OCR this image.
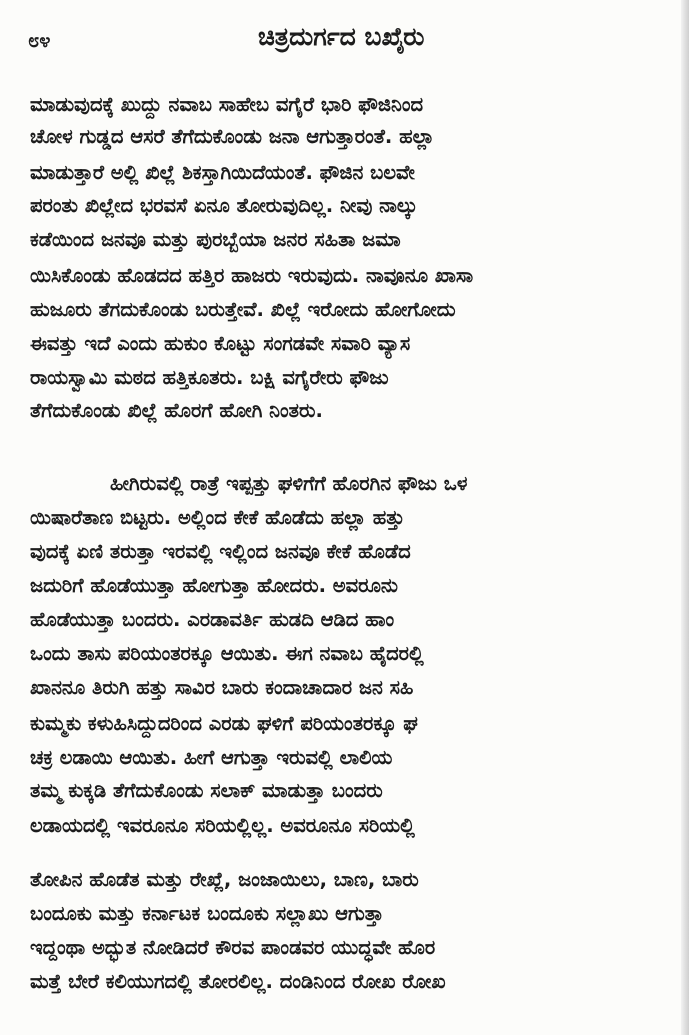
೮೪	ಚಿತ್ರದುರ್ಗದ ಬಖೈರು
ಮಾಡುವುದಕ್ಕೆ ಖುದ್ದು ನವಾಬ ಸಾಹೇಬ ವಗೈರೆ ಭಾರಿ ಫೌಜಿನಿಂದ
ಚೋಳ ಗುಡ್ಡದ ಆಸರೆ ತೆಗೆದುಕೊಂಡು ಜನಾ ಆಗುತ್ತಾರಂತೆ. ಹಲ್ಲಾ
ಮಾಡುತ್ತಾರೆ ಅಲ್ಲಿ ಖಿಲ್ಲೆ ಶಿಕಸ್ತಾಗಿಯಿದೆಯಂತೆ. ಫೌಜಿನ ಬಲವೇ
ಪರಂತು ಖಿಲ್ಲೇದ ಭರವಸೆ ಏನೂ ತೋರುವುದಿಲ್ಲ. ನೀವು ನಾಲ್ಕು
ಕಡೆಯಿಂದ ಜನವೂ ಮತ್ತು ಪುರಬ್ಬೆಯಾ ಜನರ ಸಹಿತಾ ಜಮಾ
ಯಿಸಿಕೊಂಡು ಹೊಡದದ ಹತ್ತಿರ ಹಾಜರು ಇರುವುದು. ನಾವೂನೂ ಖಾಸಾ
ಹುಜೂರು ತೆಗದುಕೊಂಡು ಬರುತ್ತೇವೆ. ಖಿಲ್ಲೆ ಇರೋದು ಹೋಗೋದು
ಈವತ್ತು ಇದೆ ಎಂದು ಹುಕುಂ ಕೊಟ್ಟು ಸಂಗಡವೇ ಸವಾರಿ ವ್ಯಾಸ
ರಾಯಸ್ವಾಮಿ ಮಠದ ಹತ್ತಿಕೂತರು. ಬಕ್ಷಿ ವಗೈರೇರು ಫೌಜು
ತೆಗೆದುಕೊಂಡು ಖಿಲ್ಲೆ ಹೊರಗೆ ಹೋಗಿ ನಿಂತರು.
ಹೀಗಿರುವಲ್ಲಿ ರಾತ್ರೆ ಇಪ್ಪತ್ತು ಘಳಿಗೆಗೆ ಹೊರಗಿನ ಫೌಜು ಒಳ
ಯಿಷಾರೆತಾಣ ಬಿಟ್ಟರು. ಅಲ್ಲಿಂದ ಕೇಕೆ ಹೊಡೆದು ಹಲ್ಲಾ ಹತ್ತು
ವುದಕ್ಕೆ ಏಣಿ ತರುತ್ತಾ ಇರವಲ್ಲಿ ಇಲ್ಲಿಂದ ಜನವೂ ಕೇಕೆ ಹೊಡೆದ
ಜದುರಿಗೆ ಹೊಡೆಯುತ್ತಾ ಹೋಗುತ್ತಾ ಹೋದರು. ಅವರೂನು
ಹೊಡೆಯುತ್ತಾ ಬಂದರು. ಎರಡಾವರ್ತಿ ಹುಡದಿ ಆಡಿದ ಹಾಂ
ಒಂದು ತಾಸು ಪರಿಯಂತರಕ್ಕೂ ಆಯಿತು. ಈಗ ನವಾಬ ಹೈದರಲ್ಲಿ
ಖಾನನೂ ತಿರುಗಿ ಹತ್ತು ಸಾವಿರ ಬಾರು ಕಂದಾಚಾದಾರ ಜನ ಸಹಿ
ಕುಮ್ಮಕು ಕಳುಹಿಸಿದ್ದುದರಿಂದ ಎರಡು ಘಳಿಗೆ ಪರಿಯಂತರಕ್ಕೂ ಘ
ಚಕ್ರ ಲಡಾಯಿ ಆಯಿತು. ಹೀಗೆ ಆಗುತ್ತಾ ಇರುವಲ್ಲಿ ಲಾಲಿಯ
ತಮ್ಮ ಕುಕ್ಕಡಿ ತೆಗೆದುಕೊಂಡು ಸಲಾಕ್ ಮಾಡುತ್ತಾ ಬಂದರು
ಲಡಾಯದಲ್ಲಿ ಇವರೂನೂ ಸರಿಯಲ್ಲಿಲ್ಲ. ಅವರೂನೂ ಸರಿಯಲ್ಲಿ
ತೋಪಿನ ಹೊಡೆತ ಮತ್ತು ರೇಖ್ಲೆ, ಜಂಜಾಯಿಲು, ಬಾಣ, ಬಾರು
ಬಂದೂಕು ಮತ್ತು ಕರ್ನಾಟಕ ಬಂದೂಕು ಸಲ್ಲಾಖು ಆಗುತ್ತಾ
ಇದ್ದಂಥಾ ಅದ್ಭುತ ನೋಡಿದರೆ ಕೌರವ ಪಾಂಡವರ ಯುದ್ಧವೇ ಹೊರ
ಮತ್ತೆ ಬೇರೆ ಕಲಿಯುಗದಲ್ಲಿ ತೋರಲಿಲ್ಲ. ದಂಡಿನಿಂದ ರೋಖ ರೋಖ
